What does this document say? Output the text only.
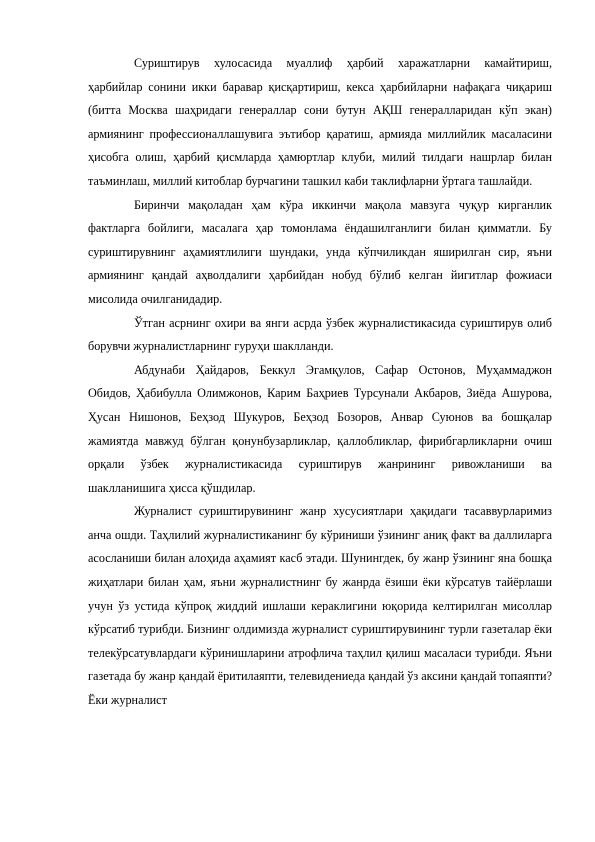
Суриштирув хулосасида муаллиф ҳарбий харажатларни камайтириш, ҳарбийлар сонини икки баравар қисқартириш, кекса ҳарбийларни нафақага чиқариш (битта Москва шаҳридаги генераллар сони бутун АҚШ генералларидан кўп экан) армиянинг профессионаллашувига эътибор қаратиш, армияда миллийлик масаласини ҳисобга олиш, ҳарбий қисмларда ҳамюртлар клуби, милий тилдаги нашрлар билан таъминлаш, миллий китоблар бурчагини ташкил каби таклифларни ўртага ташлайди.

Биринчи мақоладан ҳам кўра иккинчи мақола мавзуга чуқур кирганлик фактларга бойлиги, масалага ҳар томонлама ёндашилганлиги билан қимматли. Бу суриштирувнинг аҳамиятлилиги шундаки, унда кўпчиликдан яширилган сир, яъни армиянинг қандай аҳволдалиги ҳарбийдан нобуд бўлиб келган йигитлар фожиаси мисолида очилганидадир.

Ўтган асрнинг охири ва янги асрда ўзбек журналистикасида суриштирув олиб борувчи журналистларнинг гуруҳи шаклланди.

Абдунаби Ҳайдаров, Беккул Эгамқулов, Сафар Остонов, Муҳаммаджон Обидов, Ҳабибулла Олимжонов, Карим Баҳриев Турсунали Акбаров, Зиёда Ашурова, Ҳусан Нишонов, Беҳзод Шукуров, Беҳзод Бозоров, Анвар Суюнов ва бошқалар жамиятда мавжуд бўлган қонунбузарликлар, қаллобликлар, фирибгарликларни очиш орқали ўзбек журналистикасида суриштирув жанрининг ривожланиши ва шаклланишига ҳисса қўшдилар.

Журналист суриштирувининг жанр хусусиятлари ҳақидаги тасаввурларимиз анча ошди. Таҳлилий журналистиканинг бу кўриниши ўзининг аниқ факт ва даллиларга асосланиши билан алоҳида аҳамият касб этади. Шунингдек, бу жанр ўзининг яна бошқа жиҳатлари билан ҳам, яъни журналистнинг бу жанрда ёзиши ёки кўрсатув тайёрлаши учун ўз устида кўпроқ жиддий ишлаши кераклигини юқорида келтирилган мисоллар кўрсатиб турибди. Бизнинг олдимизда журналист суриштирувининг турли газеталар ёки телекўрсатувлардаги кўринишларини атрофлича таҳлил қилиш масаласи турибди. Яъни газетада бу жанр қандай ёритилаяпти, телевидениеда қандай ўз аксини қандай топаяпти? Ёки журналист
